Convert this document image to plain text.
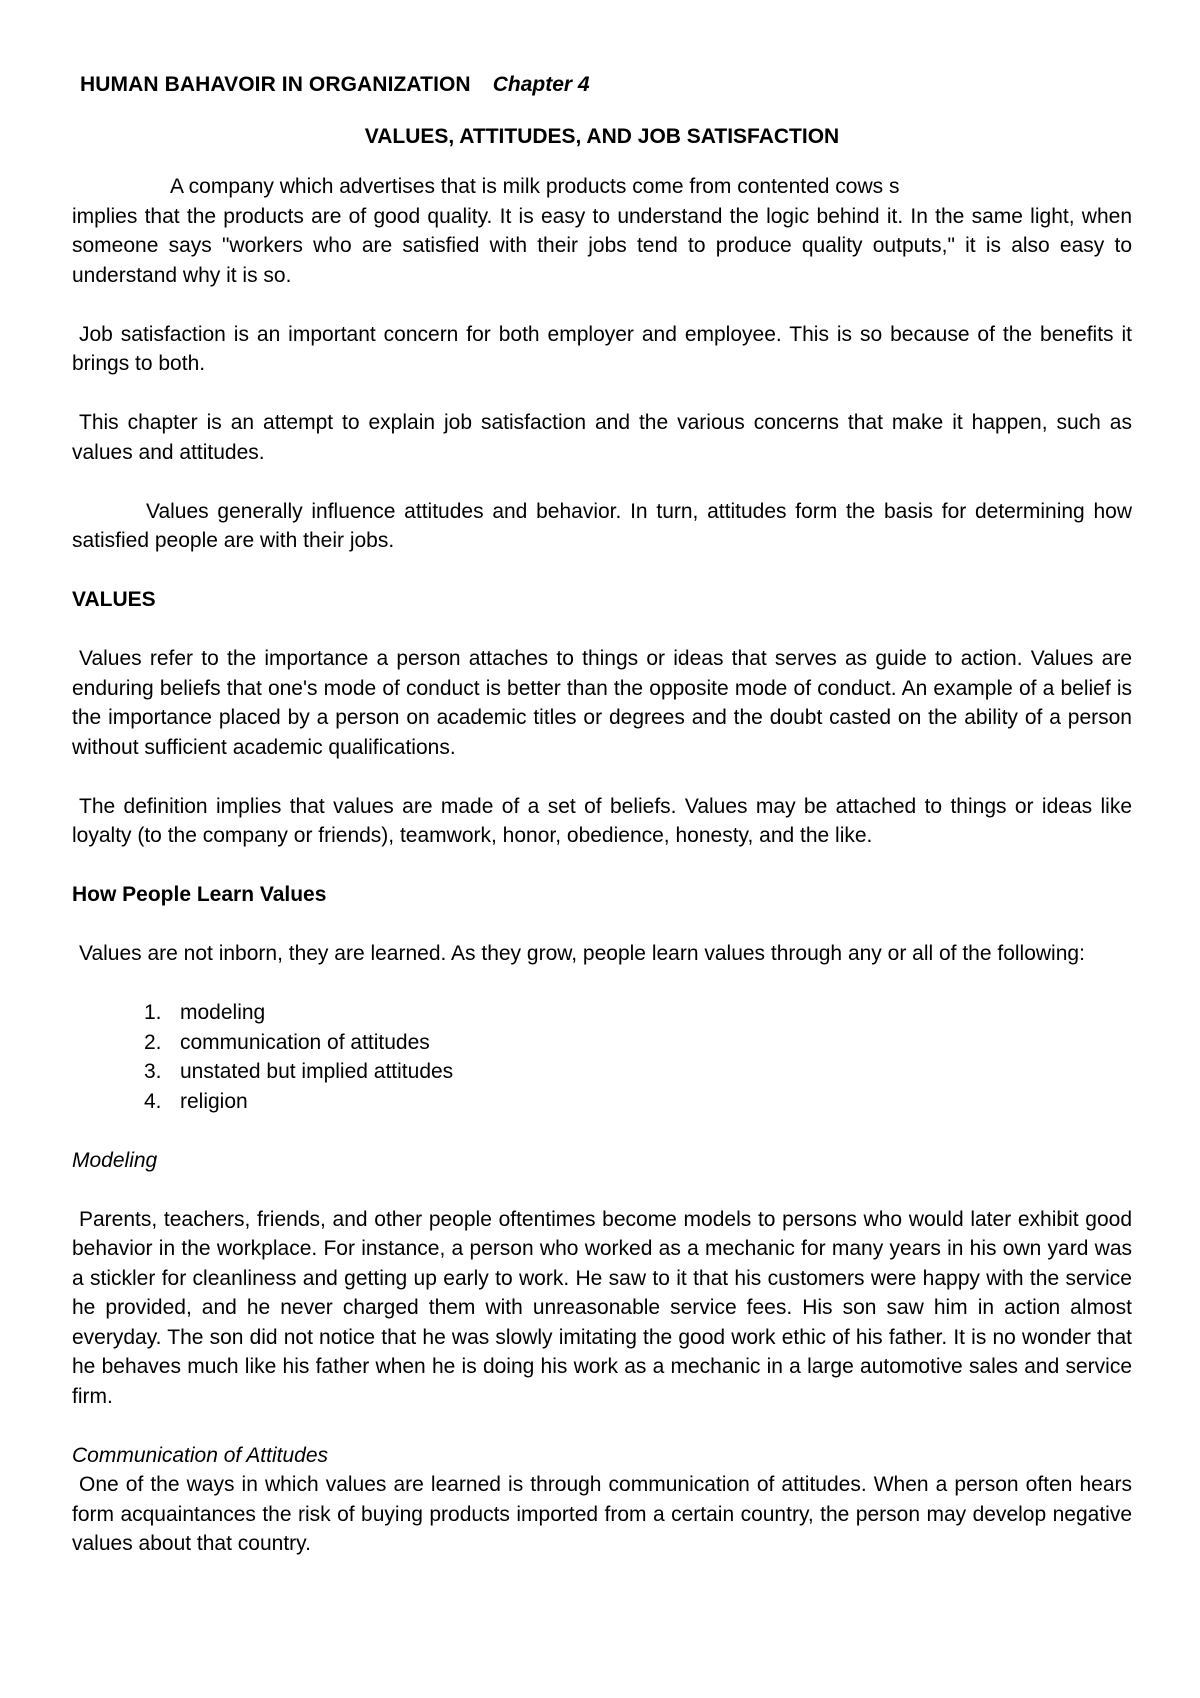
HUMAN BAHAVOIR IN ORGANIZATION Chapter 4
VALUES, ATTITUDES, AND JOB SATISFACTION

A company which advertises that is milk products come from contented cows s

implies that the products are of good quality. It is easy to understand the logic behind it. In the same light, when someone says "workers who are satisfied with their jobs tend to produce quality outputs," it is also easy to understand why it is so.

Job satisfaction is an important concern for both employer and employee. This is so because of the benefits it brings to both.

This chapter is an attempt to explain job satisfaction and the various concerns that make it happen, such as values and attitudes.

Values generally influence attitudes and behavior. In turn, attitudes form the basis for determining how satisfied people are with their jobs.

VALUES

Values refer to the importance a person attaches to things or ideas that serves as guide to action. Values are enduring beliefs that one's mode of conduct is better than the opposite mode of conduct. An example of a belief is the importance placed by a person on academic titles or degrees and the doubt casted on the ability of a person without sufficient academic qualifications.

The definition implies that values are made of a set of beliefs. Values may be attached to things or ideas like loyalty (to the company or friends), teamwork, honor, obedience, honesty, and the like.

How People Learn Values

Values are not inborn, they are learned. As they grow, people learn values through any or all of the following:

1. modeling
2. communication of attitudes
3. unstated but implied attitudes
4. religion
Modeling

Parents, teachers, friends, and other people oftentimes become models to persons who would later exhibit good behavior in the workplace. For instance, a person who worked as a mechanic for many years in his own yard was a stickler for cleanliness and getting up early to work. He saw to it that his customers were happy with the service he provided, and he never charged them with unreasonable service fees. His son saw him in action almost everyday. The son did not notice that he was slowly imitating the good work ethic of his father. It is no wonder that he behaves much like his father when he is doing his work as a mechanic in a large automotive sales and service firm.

Communication of Attitudes

One of the ways in which values are learned is through communication of attitudes. When a person often hears form acquaintances the risk of buying products imported from a certain country, the person may develop negative values about that country.
